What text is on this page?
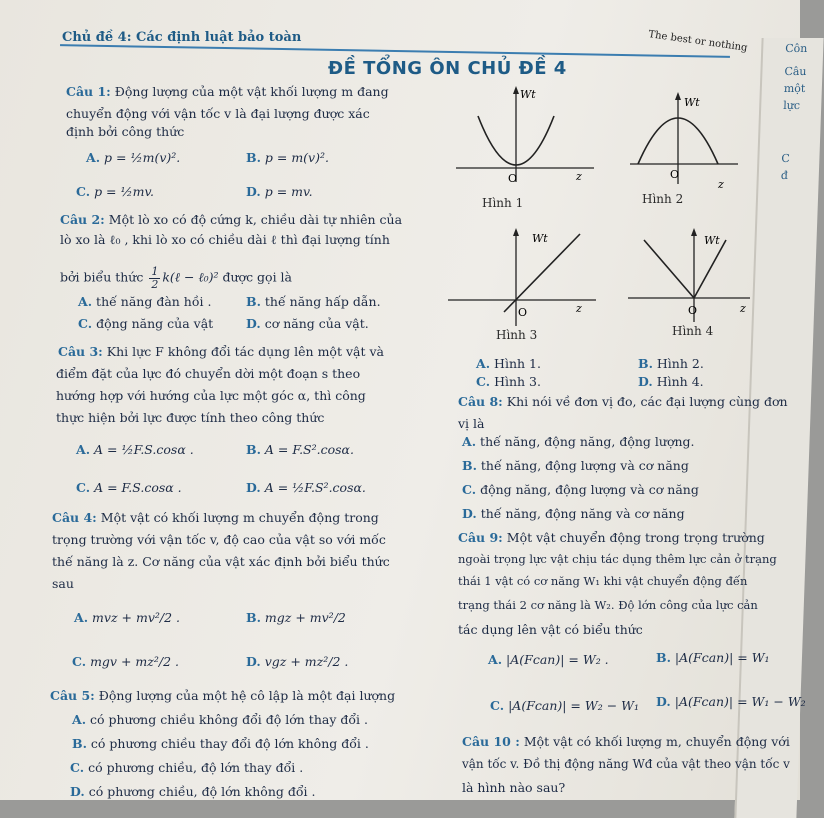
Côn
Câu
một
lực
C
đ
Chủ đề 4: Các định luật bảo toàn	The best or nothing
ĐỀ TỔNG ÔN CHỦ ĐỀ 4
Câu 1: Động lượng của một vật khối lượng m đang
chuyển động với vận tốc v là đại lượng được xác
định bởi công thức
A. p = ½m(v)².	B. p = m(v)².
C. p = ½mv.	D. p = mv.
Câu 2: Một lò xo có độ cứng k, chiều dài tự nhiên của
lò xo là ℓ₀ , khi lò xo có chiều dài ℓ thì đại lượng tính
bởi biểu thức $\frac{1}{2}$ k(ℓ − ℓ₀)² được gọi là
A. thế năng đàn hồi .	B. thế năng hấp dẫn.
C. động năng của vật	D. cơ năng của vật.
Câu 3: Khi lực F không đổi tác dụng lên một vật và
điểm đặt của lực đó chuyển dời một đoạn s theo
hướng hợp với hướng của lực một góc α, thì công
thực hiện bởi lực được tính theo công thức
A. A = ½F.S.cosα .	B. A = F.S².cosα.
C. A = F.S.cosα .	D. A = ½F.S².cosα.
Câu 4: Một vật có khối lượng m chuyển động trong
trọng trường với vận tốc v, độ cao của vật so với mốc
thế năng là z. Cơ năng của vật xác định bởi biểu thức
sau
A. mvz + mv²/2 .	B. mgz + mv²/2
C. mgv + mz²/2 .	D. vgz + mz²/2 .
Câu 5: Động lượng của một hệ cô lập là một đại lượng
A. có phương chiều không đổi độ lớn thay đổi .
B. có phương chiều thay đổi độ lớn không đổi .
C. có phương chiều, độ lớn thay đổi .
D. có phương chiều, độ lớn không đổi .
Wt
O	z
Hình 1
Wt
O
z
Hình 2
Wt
O	z
Hình 3
Wt
O	z
Hình 4
A. Hình 1.	B. Hình 2.
C. Hình 3.	D. Hình 4.
Câu 8: Khi nói về đơn vị đo, các đại lượng cùng đơn
vị là
A. thế năng, động năng, động lượng.
B. thế năng, động lượng và cơ năng
C. động năng, động lượng và cơ năng
D. thế năng, động năng và cơ năng
Câu 9: Một vật chuyển động trong trọng trường
ngoài trọng lực vật chịu tác dụng thêm lực cản ở trạng
thái 1 vật có cơ năng W₁ khi vật chuyển động đến
trạng thái 2 cơ năng là W₂. Độ lớn công của lực cản
tác dụng lên vật có biểu thức
A. |A(Fcan)| = W₂ .	B. |A(Fcan)| = W₁
C. |A(Fcan)| = W₂ − W₁ D. |A(Fcan)| = W₁ − W₂
Câu 10 : Một vật có khối lượng m, chuyển động với
vận tốc v. Đồ thị động năng Wđ của vật theo vận tốc v
là hình nào sau?
